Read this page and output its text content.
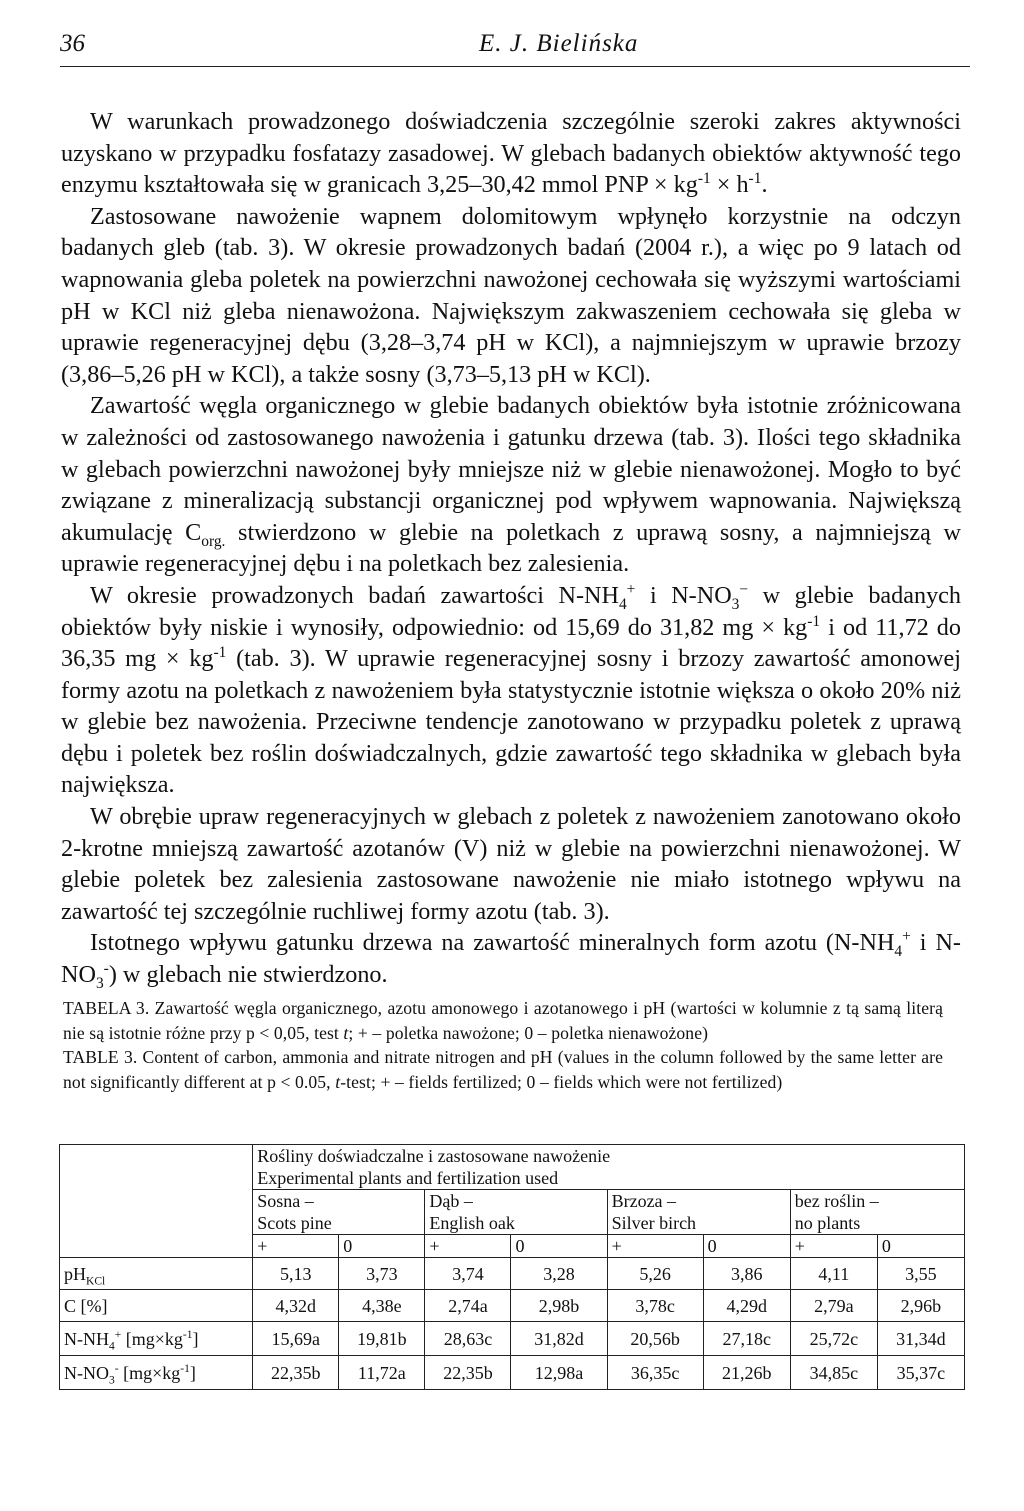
36	E. J. Bielińska

W warunkach prowadzonego doświadczenia szczególnie szeroki zakres aktywności uzyskano w przypadku fosfatazy zasadowej. W glebach badanych obiektów aktywność tego enzymu kształtowała się w granicach 3,25–30,42 mmol PNP × $kg^{-1} \times h^{-1}$.

Zastosowane nawożenie wapnem dolomitowym wpłynęło korzystnie na odczyn badanych gleb (tab. 3). W okresie prowadzonych badań (2004 r.), a więc po 9 latach od wapnowania gleba poletek na powierzchni nawożonej cechowała się wyższymi wartościami pH w KCl niż gleba nienawożona. Największym zakwaszeniem cechowała się gleba w uprawie regeneracyjnej dębu (3,28–3,74 pH w KCl), a najmniejszym w uprawie brzozy (3,86–5,26 pH w KCl), a także sosny (3,73–5,13 pH w KCl).

Zawartość węgla organicznego w glebie badanych obiektów była istotnie zróżnicowana w zależności od zastosowanego nawożenia i gatunku drzewa (tab. 3). Ilości tego składnika w glebach powierzchni nawożonej były mniejsze niż w glebie nienawożonej. Mogło to być związane z mineralizacją substancji organicznej pod wpływem wapnowania. Największą akumulację $C_{org.}$ stwierdzono w glebie na poletkach z uprawą sosny, a najmniejszą w uprawie regeneracyjnej dębu i na poletkach bez zalesienia.

W okresie prowadzonych badań zawartości $N-NH_4^+$ i $N-NO_3^-$ w glebie badanych obiektów były niskie i wynosiły, odpowiednio: od 15,69 do 31,82 mg × $kg^{-1}$ i od 11,72 do 36,35 mg × $kg^{-1}$ (tab. 3). W uprawie regeneracyjnej sosny i brzozy zawartość amonowej formy azotu na poletkach z nawożeniem była statystycznie istotnie większa o około 20% niż w glebie bez nawożenia. Przeciwne tendencje zanotowano w przypadku poletek z uprawą dębu i poletek bez roślin doświadczalnych, gdzie zawartość tego składnika w glebach była największa.

W obrębie upraw regeneracyjnych w glebach z poletek z nawożeniem zanotowano około 2-krotne mniejszą zawartość azotanów (V) niż w glebie na powierzchni nienawożonej. W glebie poletek bez zalesienia zastosowane nawożenie nie miało istotnego wpływu na zawartość tej szczególnie ruchliwej formy azotu (tab. 3).

Istotnego wpływu gatunku drzewa na zawartość mineralnych form azotu ($N-NH_4^+$ i $N-NO_3^-$) w glebach nie stwierdzono.

TABELA 3. Zawartość węgla organicznego, azotu amonowego i azotanowego i pH (wartości w kolumnie z tą samą literą nie są istotnie różne przy p < 0,05, test t; + – poletka nawożone; 0 – poletka nienawożone)

TABLE 3. Content of carbon, ammonia and nitrate nitrogen and pH (values in the column followed by the same letter are not significantly different at p < 0.05, t-test; + – fields fertilized; 0 – fields which were not fertilized)

	Rośliny doświadczalne i zastosowane nawożenie
Experimental plants and fertilization used							

	Sosna –
Scots pine		Dąb –
English oak		Brzoza –
Silver birch		bez roślin –
no plants	

	+	0	+	0	+	0	+	0
$pH_{KCl}$	5,13	3,73	3,74	3,28	5,26	3,86	4,11	3,55
C [%]	4,32d	4,38e	2,74a	2,98b	3,78c	4,29d	2,79a	2,96b
$N-NH_4^+$ $[mg\times kg^{-1}]$	15,69a	19,81b	28,63c	31,82d	20,56b	27,18c	25,72c	31,34d
$N-NO_3^-$ $[mg\times kg^{-1}]$	22,35b	11,72a	22,35b	12,98a	36,35c	21,26b	34,85c	35,37c
